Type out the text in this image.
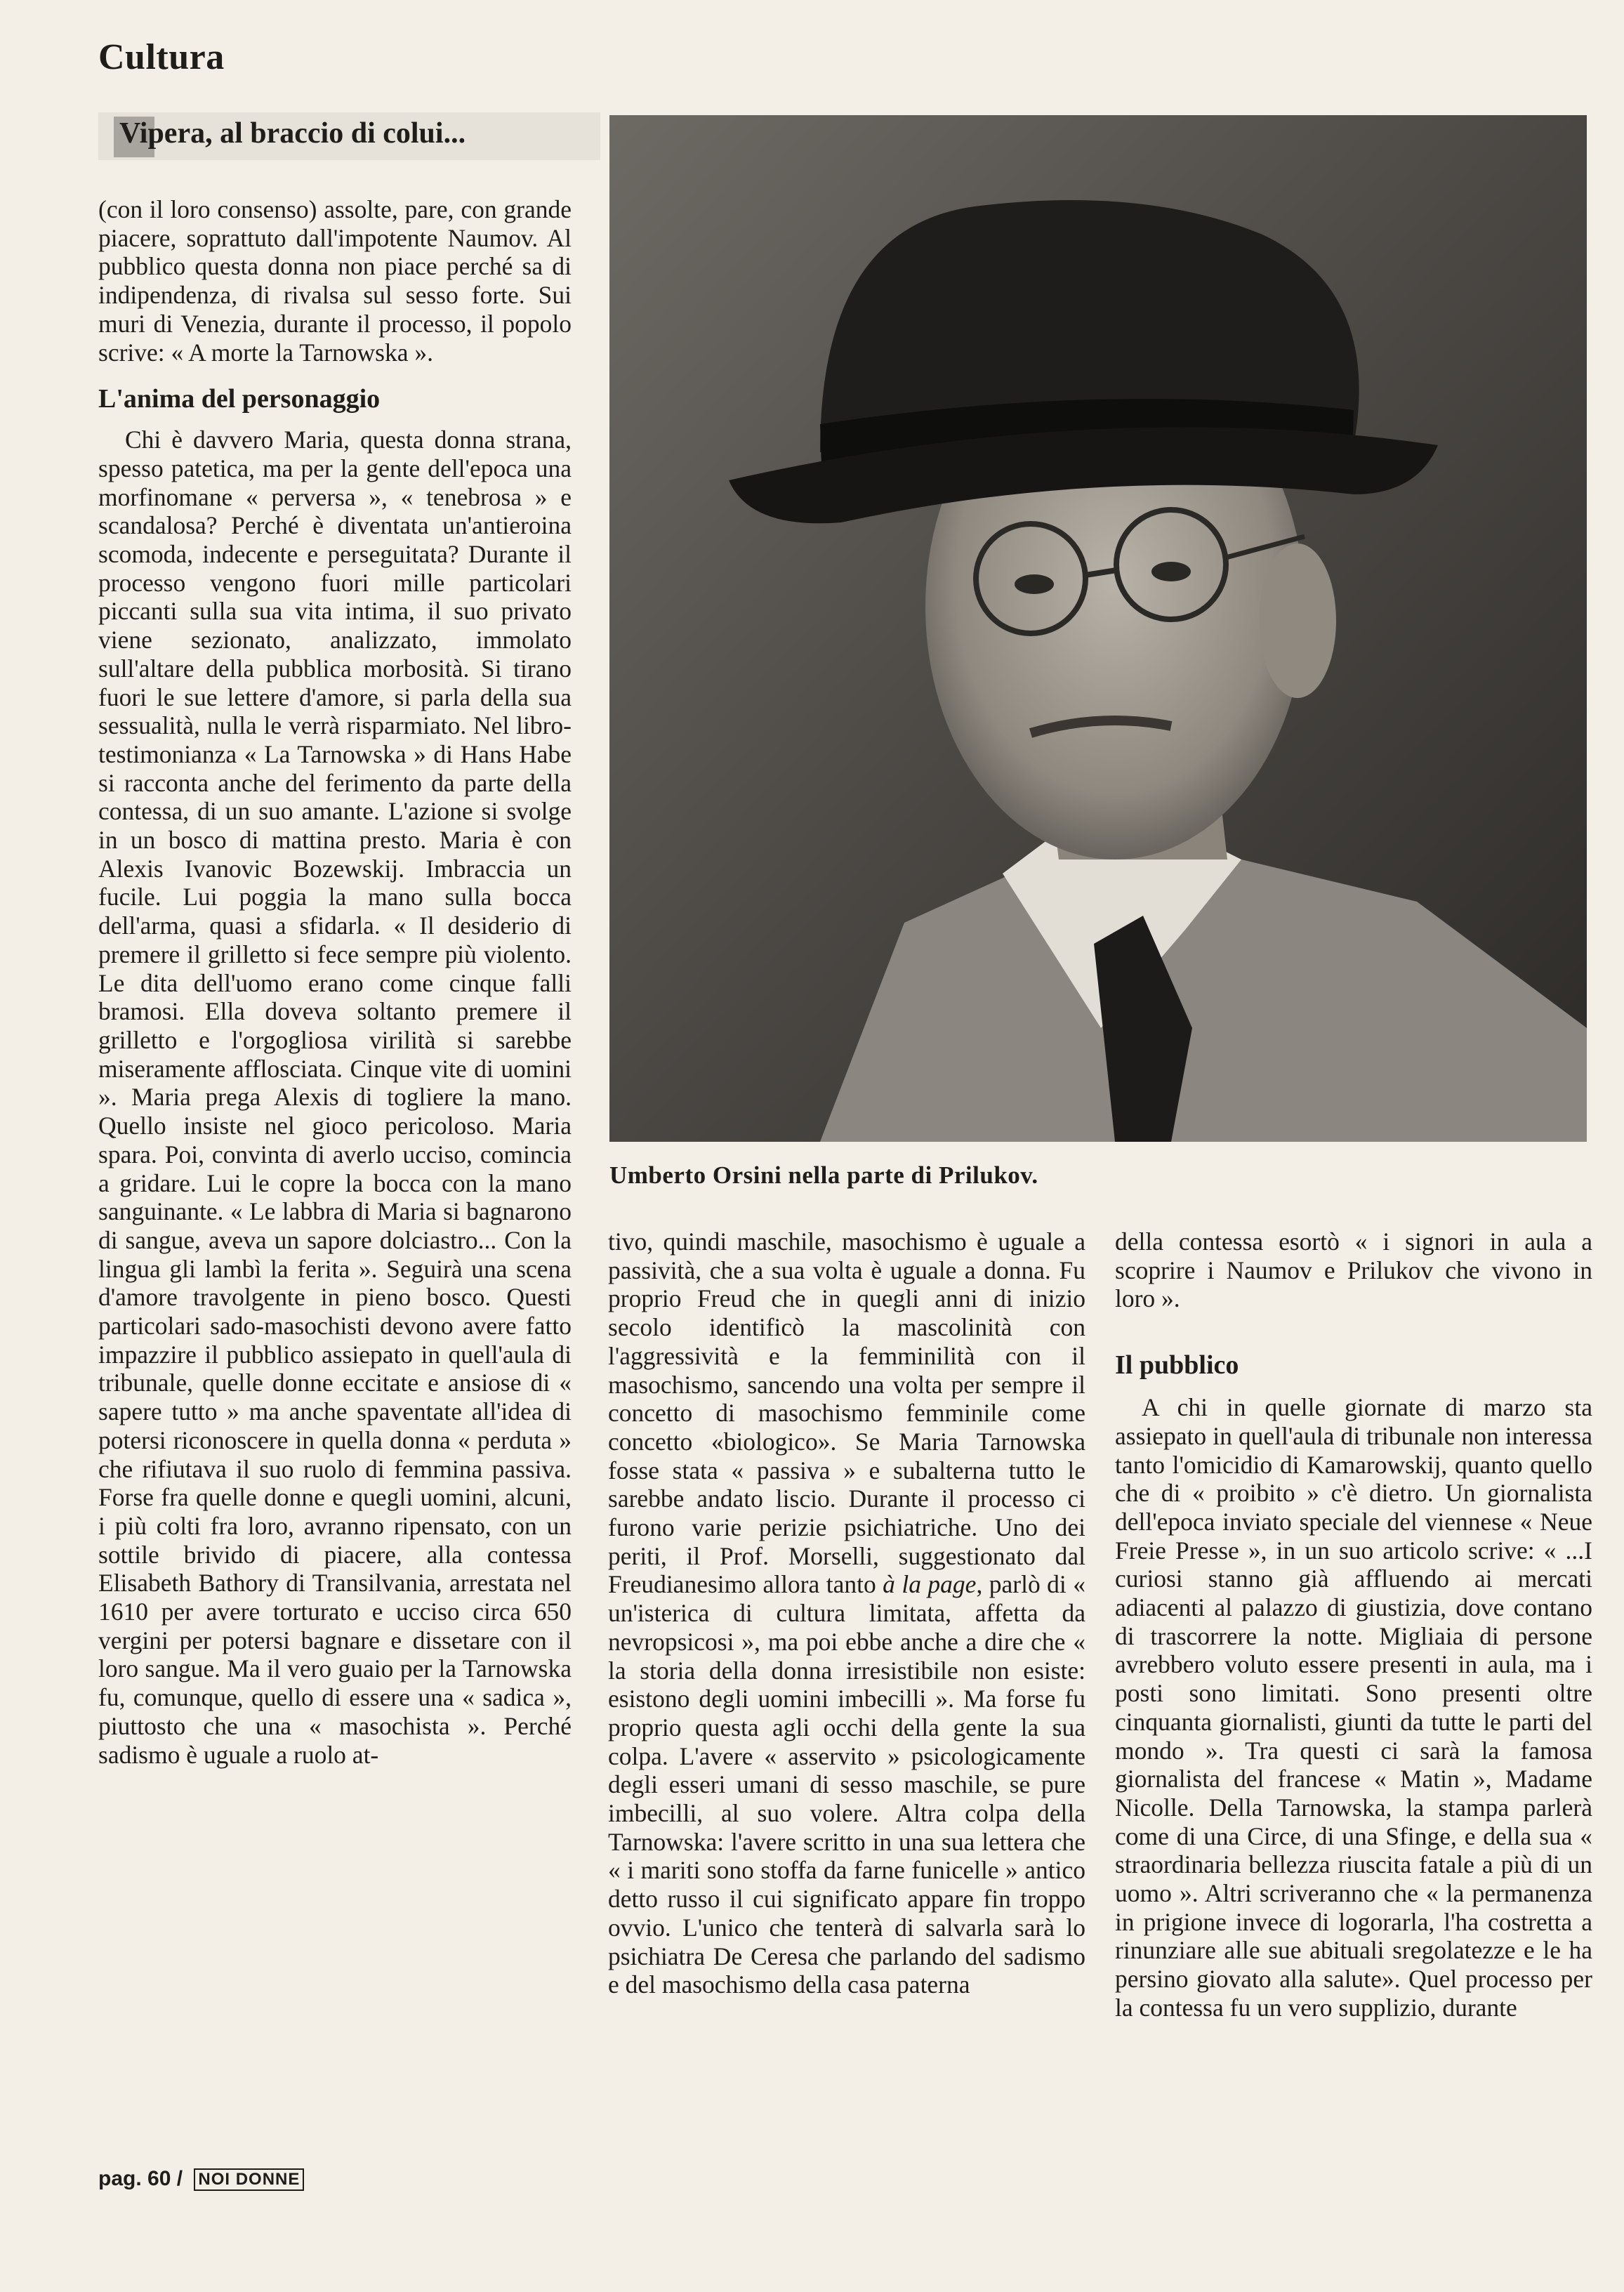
Cultura
Vipera, al braccio di colui...

(con il loro consenso) assolte, pare, con grande piacere, soprattuto dall'impotente Naumov. Al pubblico questa donna non piace perché sa di indipendenza, di rivalsa sul sesso forte. Sui muri di Venezia, durante il processo, il popolo scrive: « A morte la Tarnowska ».

L'anima del personaggio

Chi è davvero Maria, questa donna strana, spesso patetica, ma per la gente dell'epoca una morfinomane « perversa », « tenebrosa » e scandalosa? Perché è diventata un'antieroina scomoda, indecente e perseguitata? Durante il processo vengono fuori mille particolari piccanti sulla sua vita intima, il suo privato viene sezionato, analizzato, immolato sull'altare della pubblica morbosità. Si tirano fuori le sue lettere d'amore, si parla della sua sessualità, nulla le verrà risparmiato. Nel libro-testimonianza « La Tarnowska » di Hans Habe si racconta anche del ferimento da parte della contessa, di un suo amante. L'azione si svolge in un bosco di mattina presto. Maria è con Alexis Ivanovic Bozewskij. Imbraccia un fucile. Lui poggia la mano sulla bocca dell'arma, quasi a sfidarla. « Il desiderio di premere il grilletto si fece sempre più violento. Le dita dell'uomo erano come cinque falli bramosi. Ella doveva soltanto premere il grilletto e l'orgogliosa virilità si sarebbe miseramente afflosciata. Cinque vite di uomini ». Maria prega Alexis di togliere la mano. Quello insiste nel gioco pericoloso. Maria spara. Poi, convinta di averlo ucciso, comincia a gridare. Lui le copre la bocca con la mano sanguinante. « Le labbra di Maria si bagnarono di sangue, aveva un sapore dolciastro... Con la lingua gli lambì la ferita ». Seguirà una scena d'amore travolgente in pieno bosco. Questi particolari sado-masochisti devono avere fatto impazzire il pubblico assiepato in quell'aula di tribunale, quelle donne eccitate e ansiose di « sapere tutto » ma anche spaventate all'idea di potersi riconoscere in quella donna « perduta » che rifiutava il suo ruolo di femmina passiva. Forse fra quelle donne e quegli uomini, alcuni, i più colti fra loro, avranno ripensato, con un sottile brivido di piacere, alla contessa Elisabeth Bathory di Transilvania, arrestata nel 1610 per avere torturato e ucciso circa 650 vergini per potersi bagnare e dissetare con il loro sangue. Ma il vero guaio per la Tarnowska fu, comunque, quello di essere una « sadica », piuttosto che una « masochista ». Perché sadismo è uguale a ruolo at-

Umberto Orsini nella parte di Prilukov.

tivo, quindi maschile, masochismo è uguale a passività, che a sua volta è uguale a donna. Fu proprio Freud che in quegli anni di inizio secolo identificò la mascolinità con l'aggressività e la femminilità con il masochismo, sancendo una volta per sempre il concetto di masochismo femminile come concetto «biologico». Se Maria Tarnowska fosse stata « passiva » e subalterna tutto le sarebbe andato liscio. Durante il processo ci furono varie perizie psichiatriche. Uno dei periti, il Prof. Morselli, suggestionato dal Freudianesimo allora tanto à la page, parlò di « un'isterica di cultura limitata, affetta da nevropsicosi », ma poi ebbe anche a dire che « la storia della donna irresistibile non esiste: esistono degli uomini imbecilli ». Ma forse fu proprio questa agli occhi della gente la sua colpa. L'avere « asservito » psicologicamente degli esseri umani di sesso maschile, se pure imbecilli, al suo volere. Altra colpa della Tarnowska: l'avere scritto in una sua lettera che « i mariti sono stoffa da farne funicelle » antico detto russo il cui significato appare fin troppo ovvio. L'unico che tenterà di salvarla sarà lo psichiatra De Ceresa che parlando del sadismo e del masochismo della casa paterna

della contessa esortò « i signori in aula a scoprire i Naumov e Prilukov che vivono in loro ».

Il pubblico

A chi in quelle giornate di marzo sta assiepato in quell'aula di tribunale non interessa tanto l'omicidio di Kamarowskij, quanto quello che di « proibito » c'è dietro. Un giornalista dell'epoca inviato speciale del viennese « Neue Freie Presse », in un suo articolo scrive: « ...I curiosi stanno già affluendo ai mercati adiacenti al palazzo di giustizia, dove contano di trascorrere la notte. Migliaia di persone avrebbero voluto essere presenti in aula, ma i posti sono limitati. Sono presenti oltre cinquanta giornalisti, giunti da tutte le parti del mondo ». Tra questi ci sarà la famosa giornalista del francese « Matin », Madame Nicolle. Della Tarnowska, la stampa parlerà come di una Circe, di una Sfinge, e della sua « straordinaria bellezza riuscita fatale a più di un uomo ». Altri scriveranno che « la permanenza in prigione invece di logorarla, l'ha costretta a rinunziare alle sue abituali sregolatezze e le ha persino giovato alla salute». Quel processo per la contessa fu un vero supplizio, durante

pag. 60 / NOI DONNE
